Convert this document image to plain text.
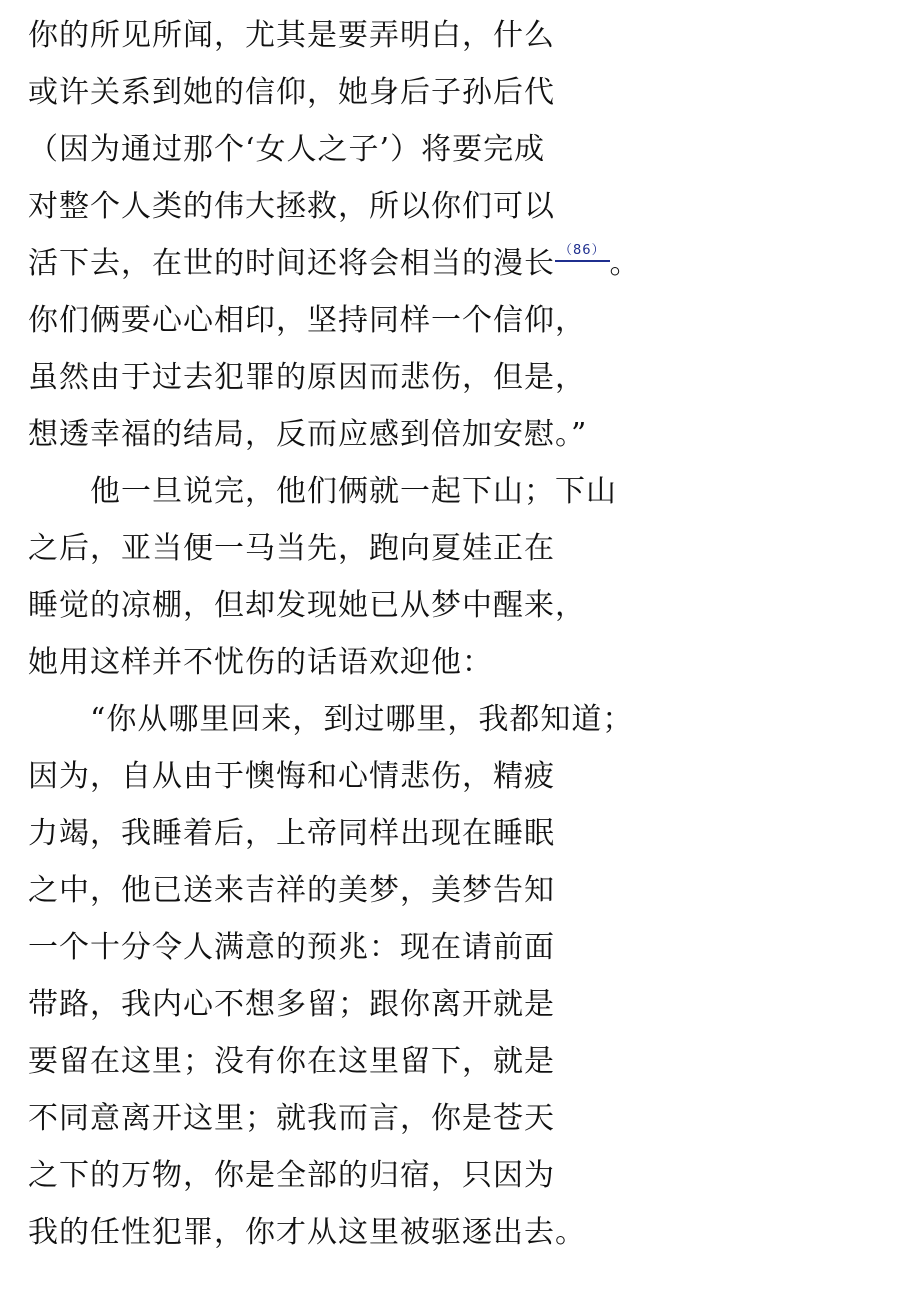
你的所见所闻，尤其是要弄明白，什么
或许关系到她的信仰，她身后子孙后代
（因为通过那个‘女人之子’）将要完成
对整个人类的伟大拯救，所以你们可以
活下去，在世的时间还将会相当的漫长 （86） 。
你们俩要心心相印，坚持同样一个信仰，
虽然由于过去犯罪的原因而悲伤，但是，
想透幸福的结局，反而应感到倍加安慰。”
他一旦说完，他们俩就一起下山；下山
之后，亚当便一马当先，跑向夏娃正在
睡觉的凉棚，但却发现她已从梦中醒来，
她用这样并不忧伤的话语欢迎他：
“你从哪里回来，到过哪里，我都知道；
因为，自从由于懊悔和心情悲伤，精疲
力竭，我睡着后，上帝同样出现在睡眠
之中，他已送来吉祥的美梦，美梦告知
一个十分令人满意的预兆：现在请前面
带路，我内心不想多留；跟你离开就是
要留在这里；没有你在这里留下，就是
不同意离开这里；就我而言，你是苍天
之下的万物，你是全部的归宿，只因为
我的任性犯罪，你才从这里被驱逐出去。
